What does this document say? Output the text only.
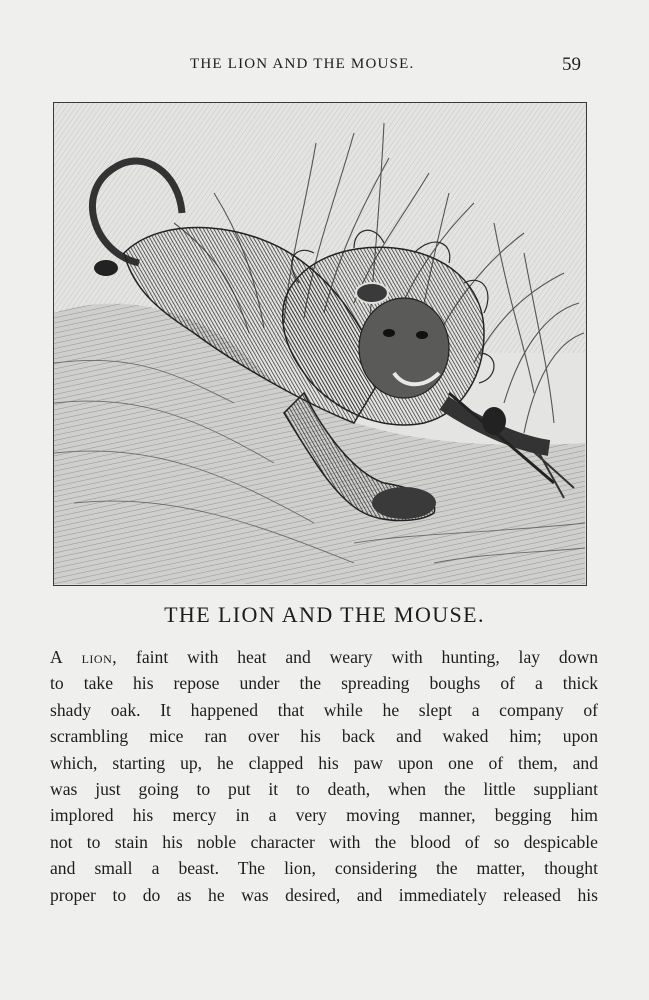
THE LION AND THE MOUSE.	59
THE LION AND THE MOUSE.
A lion, faint with heat and weary with hunting, lay down
to take his repose under the spreading boughs of a thick
shady oak. It happened that while he slept a company of
scrambling mice ran over his back and waked him; upon
which, starting up, he clapped his paw upon one of them, and
was just going to put it to death, when the little suppliant
implored his mercy in a very moving manner, begging him
not to stain his noble character with the blood of so despicable
and small a beast. The lion, considering the matter, thought
proper to do as he was desired, and immediately released his
